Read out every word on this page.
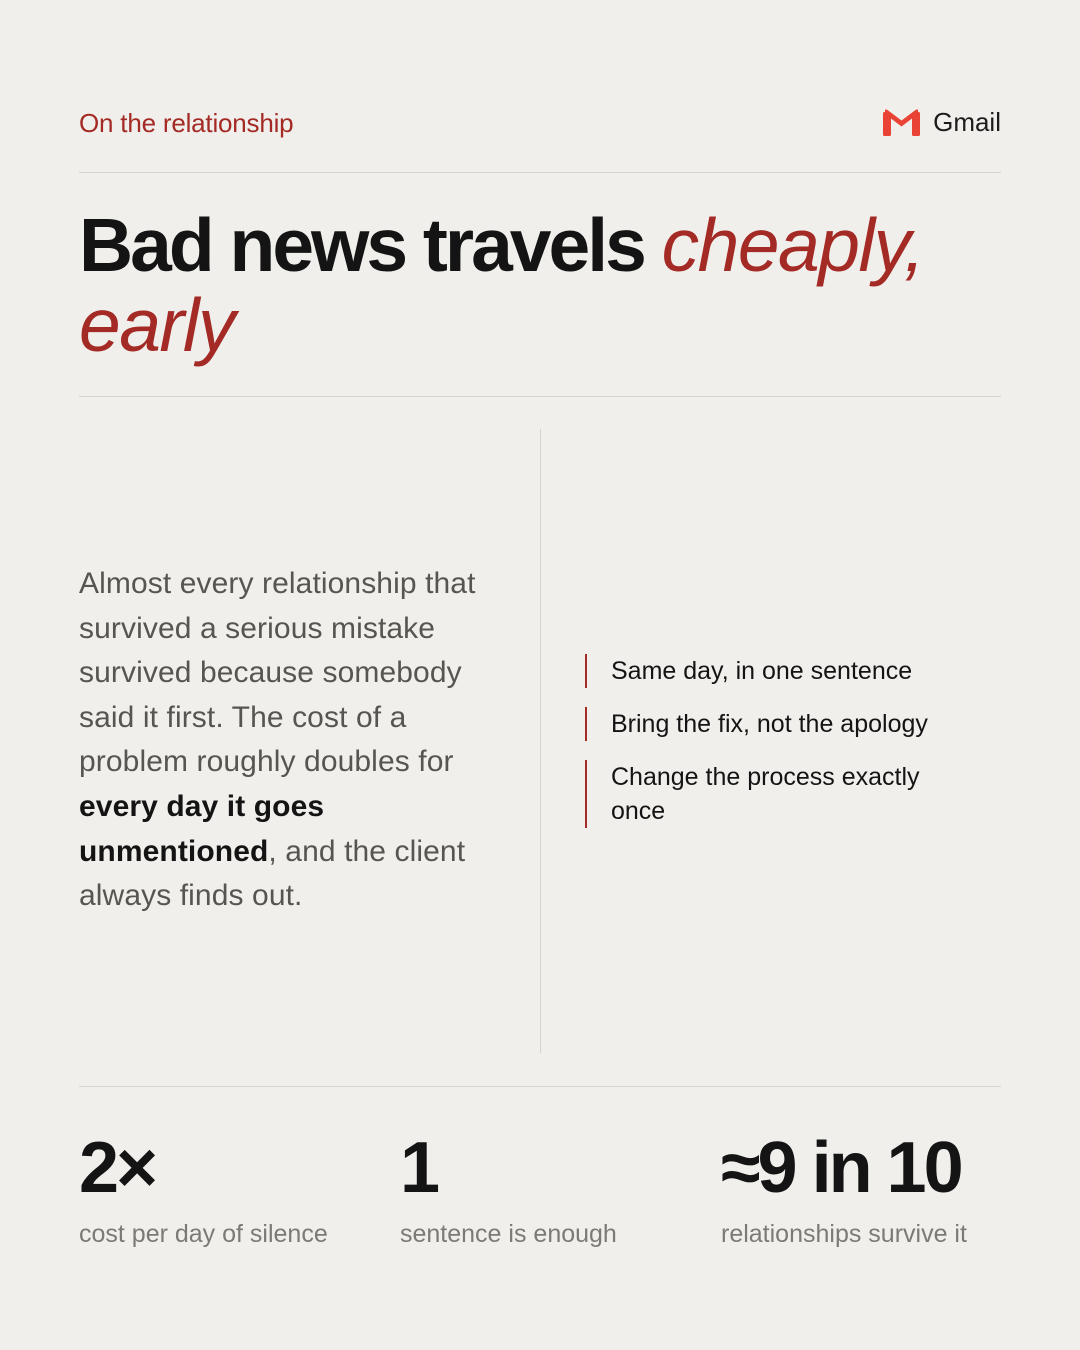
On the relationship	Gmail
Bad news travels cheaply, early

Almost every relationship that survived a serious mistake survived because somebody said it first. The cost of a problem roughly doubles for every day it goes unmentioned, and the client always finds out.

Same day, in one sentence
Bring the fix, not the apology
Change the process exactly once
2×
cost per day of silence
1
sentence is enough
≈9 in 10
relationships survive it
